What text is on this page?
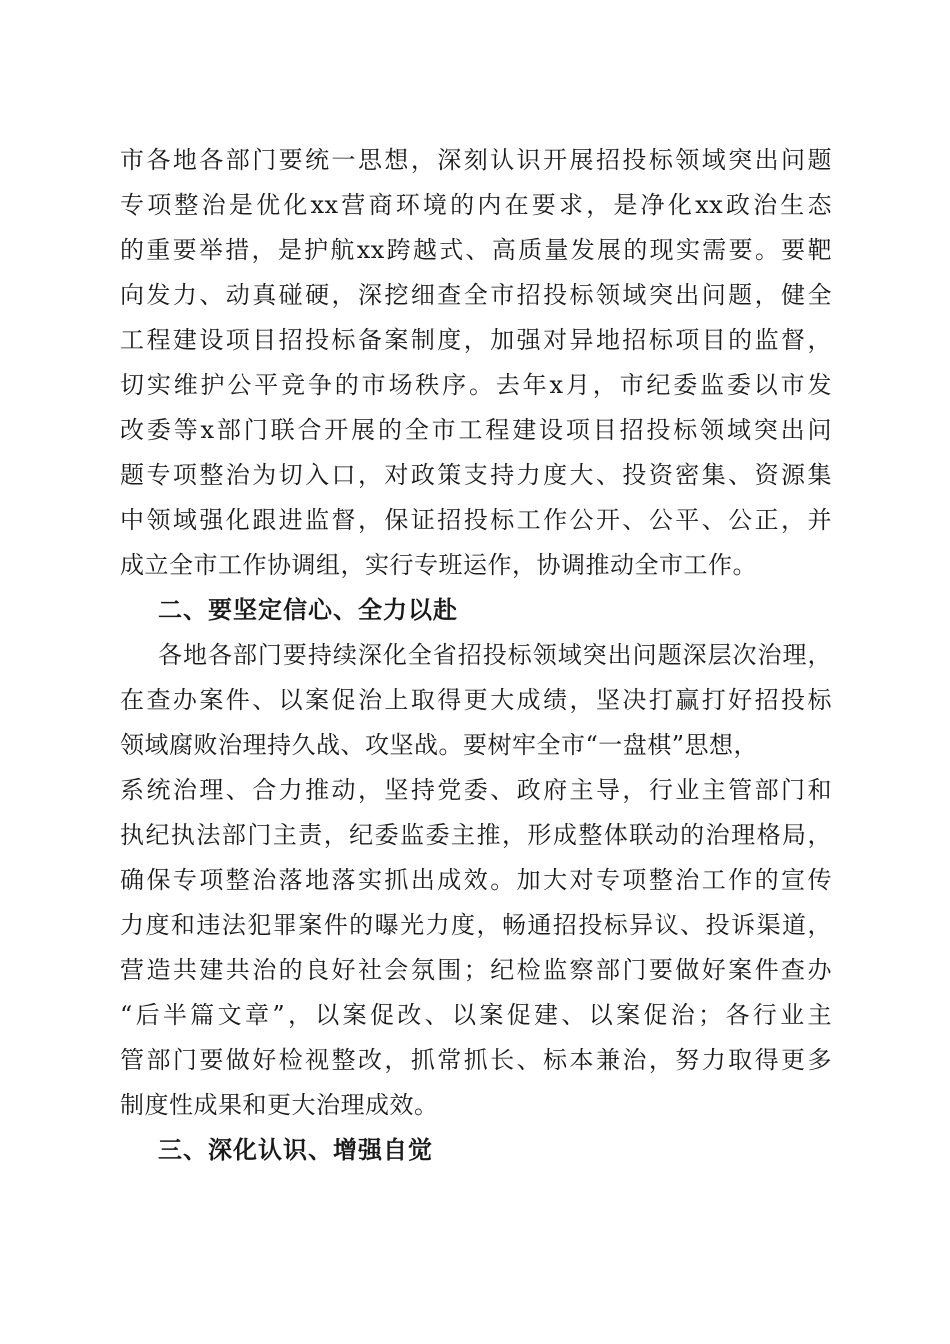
市各地各部门要统一思想，深刻认识开展招投标领域突出问题
专项整治是优化xx营商环境的内在要求，是净化xx政治生态
的重要举措，是护航xx跨越式、高质量发展的现实需要。要靶
向发力、动真碰硬，深挖细查全市招投标领域突出问题，健全
工程建设项目招投标备案制度，加强对异地招标项目的监督，
切实维护公平竞争的市场秩序。去年x月，市纪委监委以市发
改委等x部门联合开展的全市工程建设项目招投标领域突出问
题专项整治为切入口，对政策支持力度大、投资密集、资源集
中领域强化跟进监督，保证招投标工作公开、公平、公正，并
成立全市工作协调组，实行专班运作，协调推动全市工作。
二、要坚定信心、全力以赴
各地各部门要持续深化全省招投标领域突出问题深层次治理，
在查办案件、以案促治上取得更大成绩，坚决打赢打好招投标
领域腐败治理持久战、攻坚战。要树牢全市“一盘棋”思想，
系统治理、合力推动，坚持党委、政府主导，行业主管部门和
执纪执法部门主责，纪委监委主推，形成整体联动的治理格局，
确保专项整治落地落实抓出成效。加大对专项整治工作的宣传
力度和违法犯罪案件的曝光力度，畅通招投标异议、投诉渠道，
营造共建共治的良好社会氛围；纪检监察部门要做好案件查办
“后半篇文章”，以案促改、以案促建、以案促治；各行业主
管部门要做好检视整改，抓常抓长、标本兼治，努力取得更多
制度性成果和更大治理成效。
三、深化认识、增强自觉
